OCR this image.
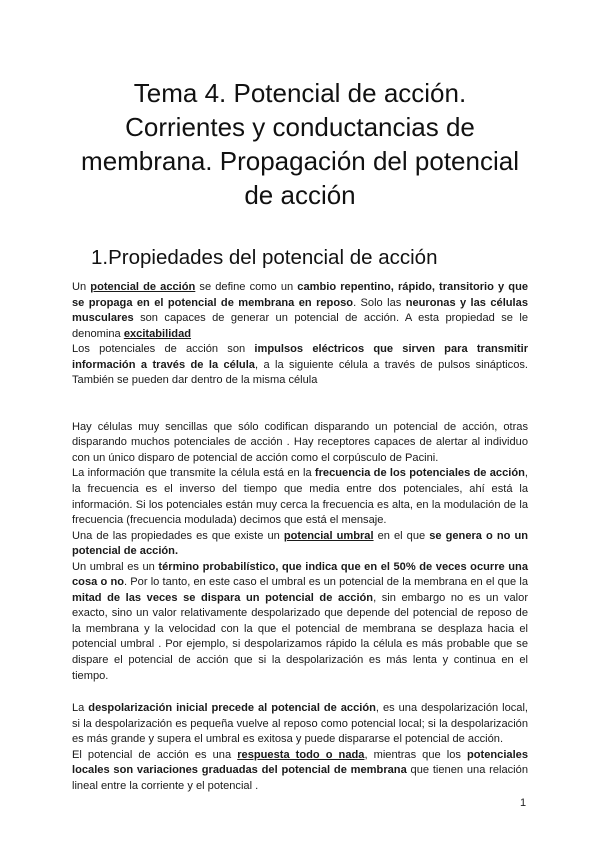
Tema 4. Potencial de acción.
Corrientes y conductancias de
membrana. Propagación del potencial
de acción
1.Propiedades del potencial de acción

Un potencial de acción se define como un cambio repentino, rápido, transitorio y que se propaga en el potencial de membrana en reposo. Solo las neuronas y las células musculares son capaces de generar un potencial de acción. A esta propiedad se le denomina excitabilidad

Los potenciales de acción son impulsos eléctricos que sirven para transmitir información a través de la célula, a la siguiente célula a través de pulsos sinápticos. También se pueden dar dentro de la misma célula

Hay células muy sencillas que sólo codifican disparando un potencial de acción, otras disparando muchos potenciales de acción . Hay receptores capaces de alertar al individuo con un único disparo de potencial de acción como el corpúsculo de Pacini.

La información que transmite la célula está en la frecuencia de los potenciales de acción, la frecuencia es el inverso del tiempo que media entre dos potenciales, ahí está la información. Si los potenciales están muy cerca la frecuencia es alta, en la modulación de la frecuencia (frecuencia modulada) decimos que está el mensaje.

Una de las propiedades es que existe un potencial umbral en el que se genera o no un potencial de acción.

Un umbral es un término probabilístico, que indica que en el 50% de veces ocurre una cosa o no. Por lo tanto, en este caso el umbral es un potencial de la membrana en el que la mitad de las veces se dispara un potencial de acción, sin embargo no es un valor exacto, sino un valor relativamente despolarizado que depende del potencial de reposo de la membrana y la velocidad con la que el potencial de membrana se desplaza hacia el potencial umbral . Por ejemplo, si despolarizamos rápido la célula es más probable que se dispare el potencial de acción que si la despolarización es más lenta y continua en el tiempo.

La despolarización inicial precede al potencial de acción, es una despolarización local, si la despolarización es pequeña vuelve al reposo como potencial local; si la despolarización es más grande y supera el umbral es exitosa y puede dispararse el potencial de acción.

El potencial de acción es una respuesta todo o nada, mientras que los potenciales locales son variaciones graduadas del potencial de membrana que tienen una relación lineal entre la corriente y el potencial .

1
